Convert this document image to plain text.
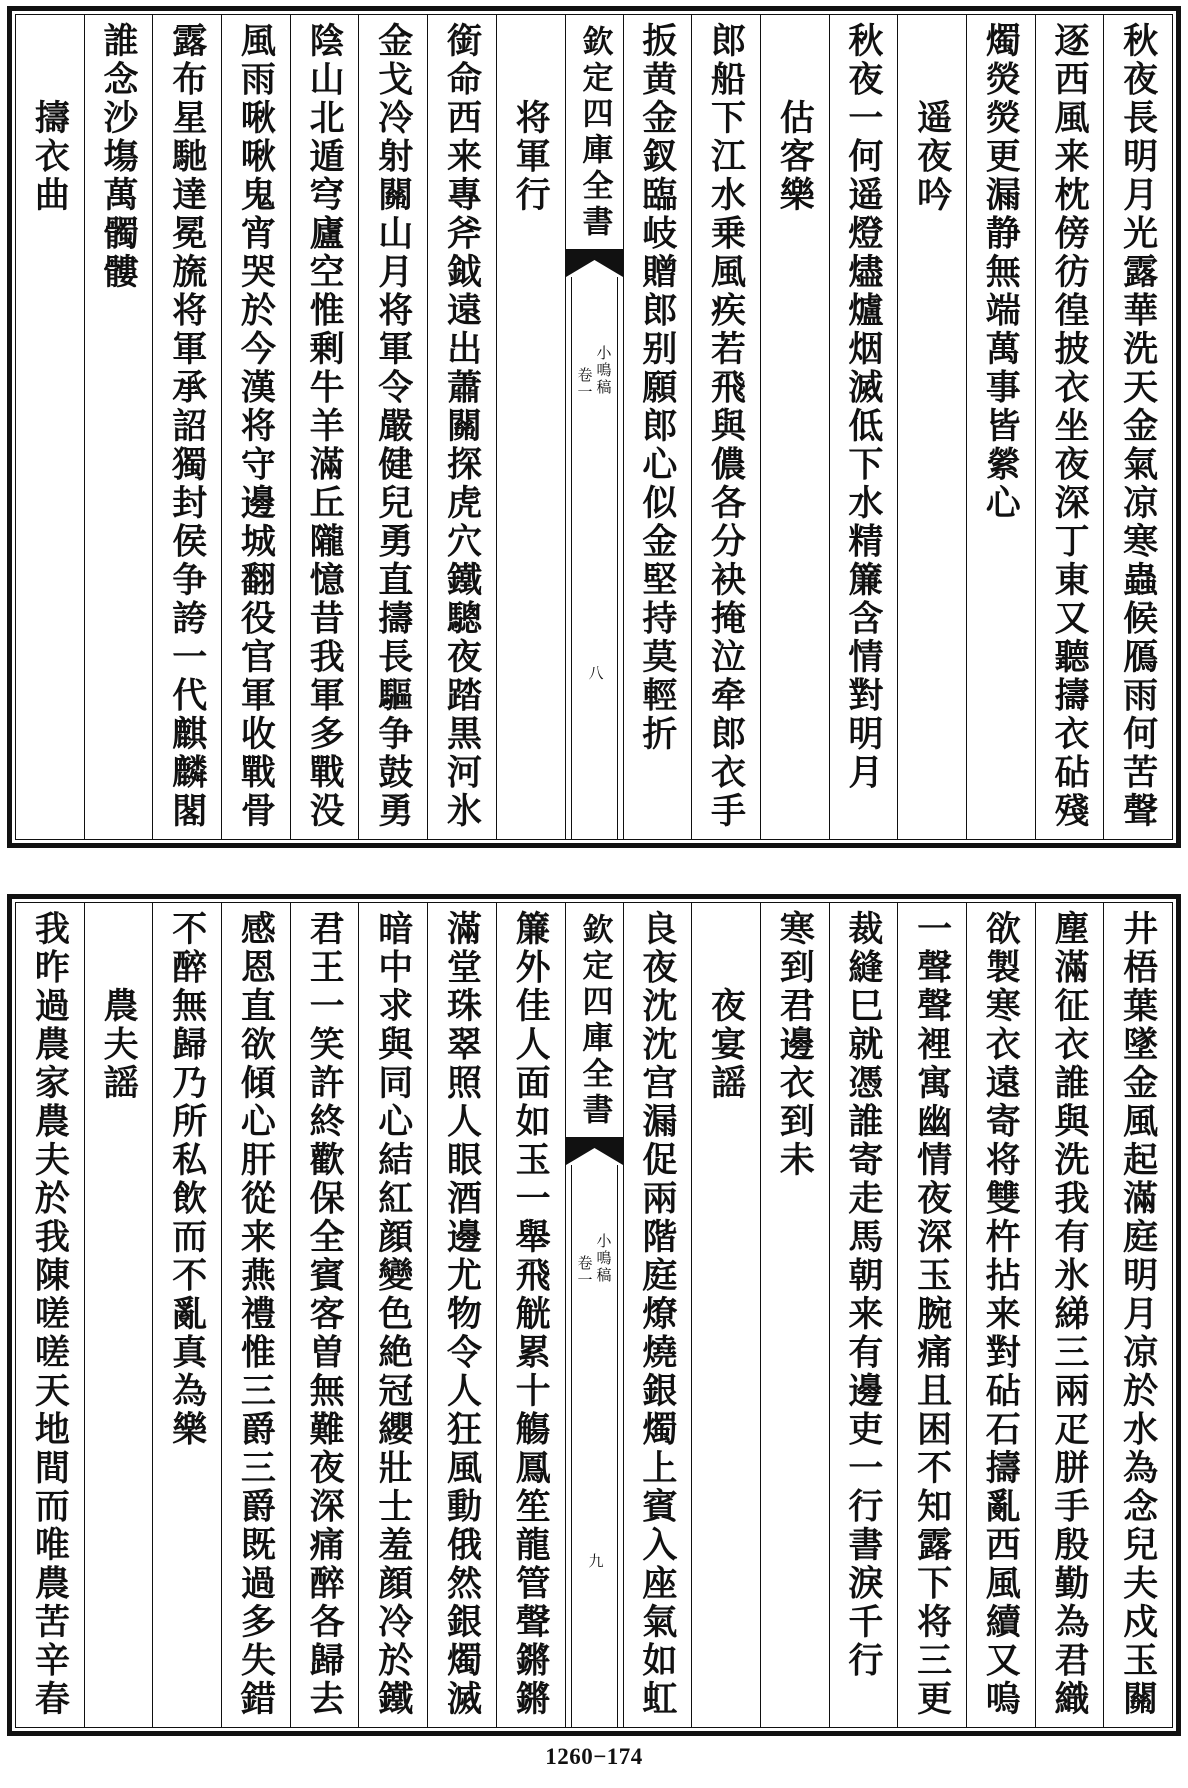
秋夜長明月光露華洗天金氣凉寒蟲候鴈雨何苦聲
逐西風来枕傍彷徨披衣坐夜深丁東又聽擣衣砧殘
燭熒熒更漏静無端萬事皆縈心
遥夜吟
秋夜一何遥燈燼爐烟滅低下水精簾含情對明月
估客樂
郎船下江水乗風疾若飛與儂各分袂掩泣牵郎衣手
扳黄金釵臨岐贈郎别願郎心似金堅持莫輕折
欽定四庫全書
小鳴稿
卷一
八
将軍行
銜命西来專斧鉞遠出蕭關探虎穴鐵驄夜踏黒河氷
金戈冷射關山月将軍令嚴健兒勇直擣長驅争鼓勇
陰山北遁穹廬空惟剰牛羊滿丘隴憶昔我軍多戰没
風雨啾啾鬼宵哭於今漢将守邊城翻役官軍收戰骨
露布星馳達冕旒将軍承詔獨封侯争誇一代麒麟閣
誰念沙塲萬髑髏
擣衣曲
井梧葉墜金風起滿庭明月凉於水為念兒夫戍玉關
塵滿征衣誰與洗我有氷綈三兩疋胼手殷勤為君織
欲製寒衣遠寄将雙杵拈来對砧石擣亂西風續又嗚
一聲聲裡寓幽情夜深玉腕痛且困不知露下将三更
裁縫巳就憑誰寄走馬朝来有邊吏一行書淚千行
寒到君邊衣到未
夜宴謡
良夜沈沈宫漏促兩階庭燎燒銀燭上賓入座氣如虹
欽定四庫全書
小鳴稿
卷一
九
簾外佳人面如玉一舉飛觥累十觴鳳笙龍管聲鏘鏘
滿堂珠翠照人眼酒邊尤物令人狂風動俄然銀燭滅
暗中求與同心結紅顔變色絶冠纓壯士羞顔冷於鐵
君王一笑許終歡保全賓客曽無難夜深痛醉各歸去
感恩直欲傾心肝從来燕禮惟三爵三爵既過多失錯
不醉無歸乃所私飲而不亂真為樂
農夫謡
我昨過農家農夫於我陳嗟嗟天地間而唯農苦辛春
1260−174
